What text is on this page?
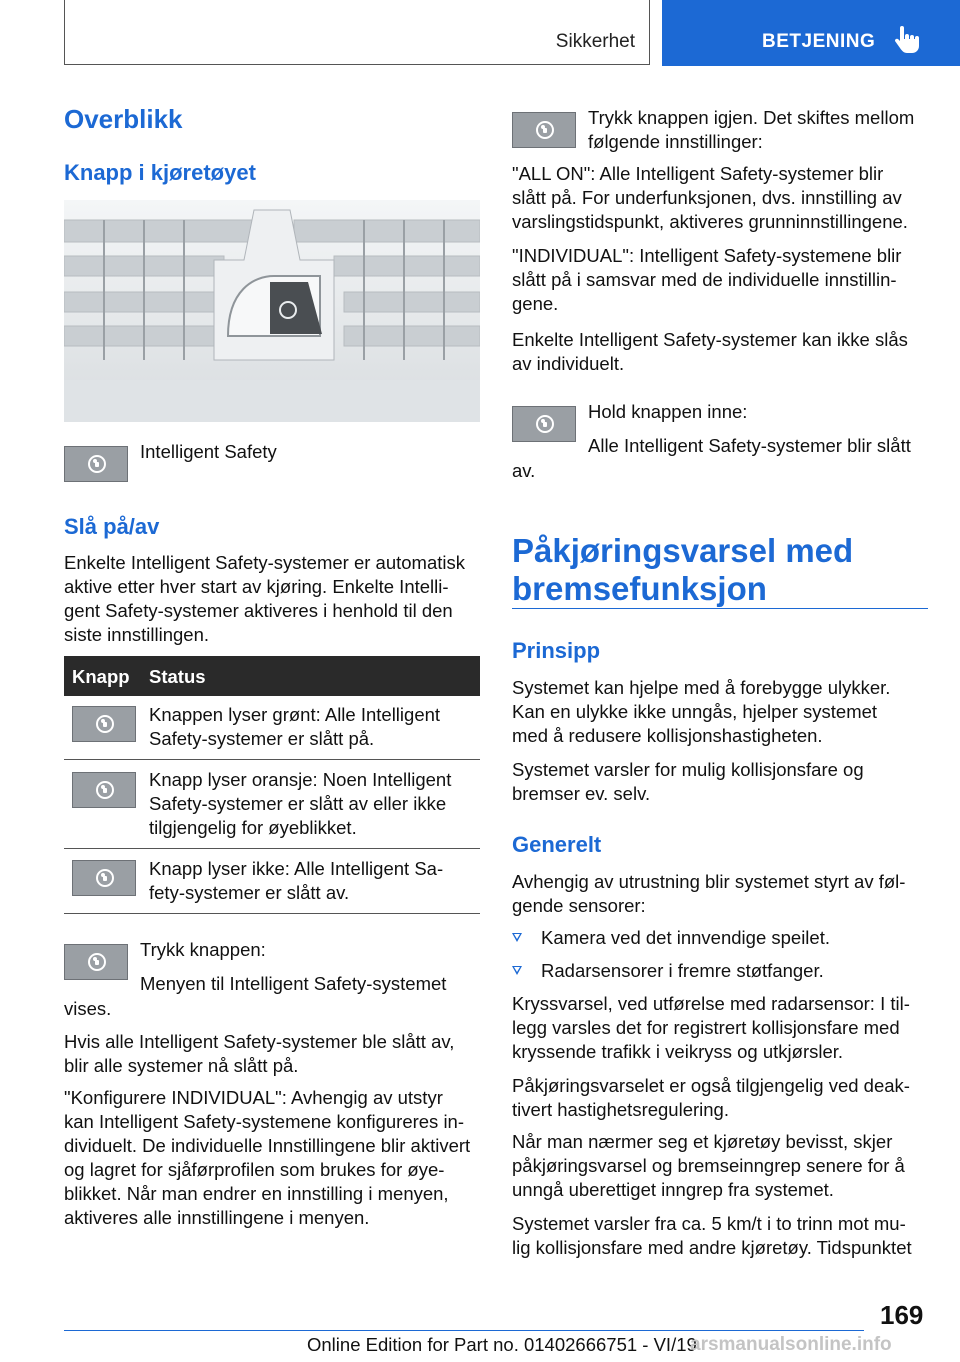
Sikkerhet	BETJENING
Overblikk
Knapp i kjøretøyet
Intelligent Safety
Slå på/av
Enkelte Intelligent Safety-systemer er automatisk
aktive etter hver start av kjøring. Enkelte Intelli-
gent Safety-systemer aktiveres i henhold til den
siste innstillingen.
Knapp Status
Knappen lyser grønt: Alle Intelligent
Safety-systemer er slått på.
Knapp lyser oransje: Noen Intelligent
Safety-systemer er slått av eller ikke
tilgjengelig for øyeblikket.
Knapp lyser ikke: Alle Intelligent Sa-
fety-systemer er slått av.
Trykk knappen:
Menyen til Intelligent Safety-systemet
vises.
Hvis alle Intelligent Safety-systemer ble slått av,
blir alle systemer nå slått på.
"Konfigurere INDIVIDUAL": Avhengig av utstyr
kan Intelligent Safety-systemene konfigureres in-
dividuelt. De individuelle Innstillingene blir aktivert
og lagret for sjåførprofilen som brukes for øye-
blikket. Når man endrer en innstilling i menyen,
aktiveres alle innstillingene i menyen.
Trykk knappen igjen. Det skiftes mellom
følgende innstillinger:
"ALL ON": Alle Intelligent Safety-systemer blir
slått på. For underfunksjonen, dvs. innstilling av
varslingstidspunkt, aktiveres grunninnstillingene.
"INDIVIDUAL": Intelligent Safety-systemene blir
slått på i samsvar med de individuelle innstillin-
gene.
Enkelte Intelligent Safety-systemer kan ikke slås
av individuelt.
Hold knappen inne:
Alle Intelligent Safety-systemer blir slått
av.
Påkjøringsvarsel med
bremsefunksjon
Prinsipp
Systemet kan hjelpe med å forebygge ulykker.
Kan en ulykke ikke unngås, hjelper systemet
med å redusere kollisjonshastigheten.
Systemet varsler for mulig kollisjonsfare og
bremser ev. selv.
Generelt
Avhengig av utrustning blir systemet styrt av føl-
gende sensorer:
Kamera ved det innvendige speilet.
Radarsensorer i fremre støtfanger.
Kryssvarsel, ved utførelse med radarsensor: I til-
legg varsles det for registrert kollisjonsfare med
kryssende trafikk i veikryss og utkjørsler.
Påkjøringsvarselet er også tilgjengelig ved deak-
tivert hastighetsregulering.
Når man nærmer seg et kjøretøy bevisst, skjer
påkjøringsvarsel og bremseinngrep senere for å
unngå uberettiget inngrep fra systemet.
Systemet varsler fra ca. 5 km/t i to trinn mot mu-
lig kollisjonsfare med andre kjøretøy. Tidspunktet
169
Online Edition for Part no. 01402666751 - VI/19
arsmanualsonline.info
